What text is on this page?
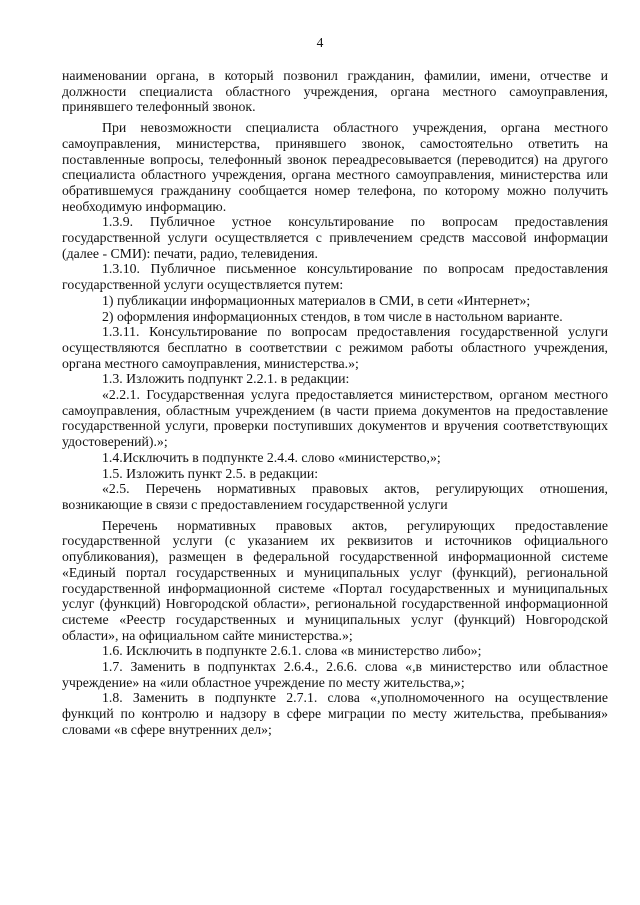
4

наименовании органа, в который позвонил гражданин, фамилии, имени, отчестве и должности специалиста областного учреждения, органа местного самоуправления, принявшего телефонный звонок.

При невозможности специалиста областного учреждения, органа местного самоуправления, министерства, принявшего звонок, самостоятельно ответить на поставленные вопросы, телефонный звонок переадресовывается (переводится) на другого специалиста областного учреждения, органа местного самоуправления, министерства или обратившемуся гражданину сообщается номер телефона, по которому можно получить необходимую информацию.

1.3.9. Публичное устное консультирование по вопросам предоставления государственной услуги осуществляется с привлечением средств массовой информации (далее - СМИ): печати, радио, телевидения.

1.3.10. Публичное письменное консультирование по вопросам предоставления государственной услуги осуществляется путем:

1) публикации информационных материалов в СМИ, в сети «Интернет»;

2) оформления информационных стендов, в том числе в настольном варианте.

1.3.11. Консультирование по вопросам предоставления государственной услуги осуществляются бесплатно в соответствии с режимом работы областного учреждения, органа местного самоуправления, министерства.»;

1.3. Изложить подпункт 2.2.1. в редакции:

«2.2.1. Государственная услуга предоставляется министерством, органом местного самоуправления, областным учреждением (в части приема документов на предоставление государственной услуги, проверки поступивших документов и вручения соответствующих удостоверений).»;

1.4.Исключить в подпункте 2.4.4. слово «министерство,»;

1.5. Изложить пункт 2.5. в редакции:

«2.5. Перечень нормативных правовых актов, регулирующих отношения, возникающие в связи с предоставлением государственной услуги

Перечень нормативных правовых актов, регулирующих предоставление государственной услуги (с указанием их реквизитов и источников официального опубликования), размещен в федеральной государственной информационной системе «Единый портал государственных и муниципальных услуг (функций), региональной государственной информационной системе «Портал государственных и муниципальных услуг (функций) Новгородской области», региональной государственной информационной системе «Реестр государственных и муниципальных услуг (функций) Новгородской области», на официальном сайте министерства.»;

1.6. Исключить в подпункте 2.6.1. слова «в министерство либо»;

1.7. Заменить в подпунктах 2.6.4., 2.6.6. слова «,в министерство или областное учреждение» на «или областное учреждение по месту жительства,»;

1.8. Заменить в подпункте 2.7.1. слова «,уполномоченного на осуществление функций по контролю и надзору в сфере миграции по месту жительства, пребывания» словами «в сфере внутренних дел»;
